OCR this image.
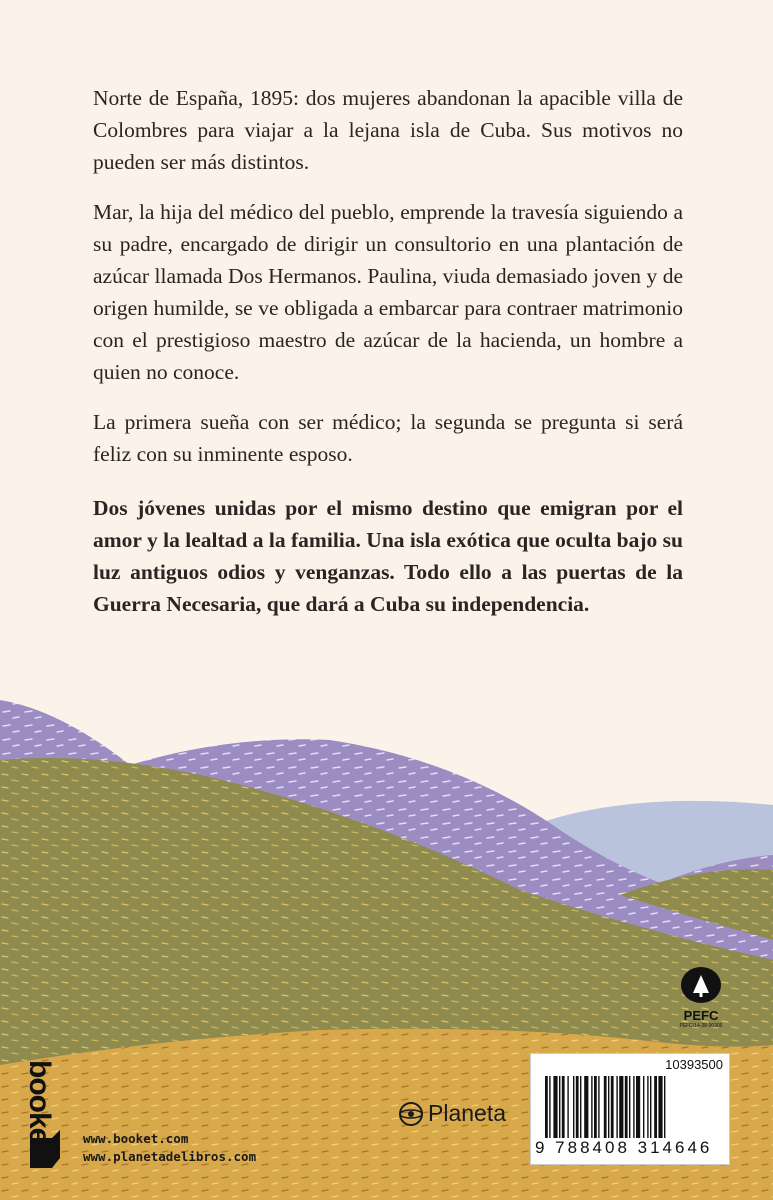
Norte de España, 1895: dos mujeres abandonan la apacible villa de Colombres para viajar a la lejana isla de Cuba. Sus motivos no pueden ser más distintos.

Mar, la hija del médico del pueblo, emprende la travesía siguiendo a su padre, encargado de dirigir un consultorio en una plantación de azúcar llamada Dos Hermanos. Paulina, viuda demasiado joven y de origen humilde, se ve obligada a embarcar para contraer matrimonio con el prestigioso maestro de azúcar de la hacienda, un hombre a quien no conoce.

La primera sueña con ser médico; la segunda se pregunta si será feliz con su inminente esposo.

Dos jóvenes unidas por el mismo destino que emigran por el amor y la lealtad a la familia. Una isla exótica que oculta bajo su luz antiguos odios y venganzas. Todo ello a las puertas de la Guerra Necesaria, que dará a Cuba su independencia.

PEFC
PEFC/14-38-00305
booket www.booket.com
www.planetadelibros.com
Planeta
10393500
9 788408 314646
